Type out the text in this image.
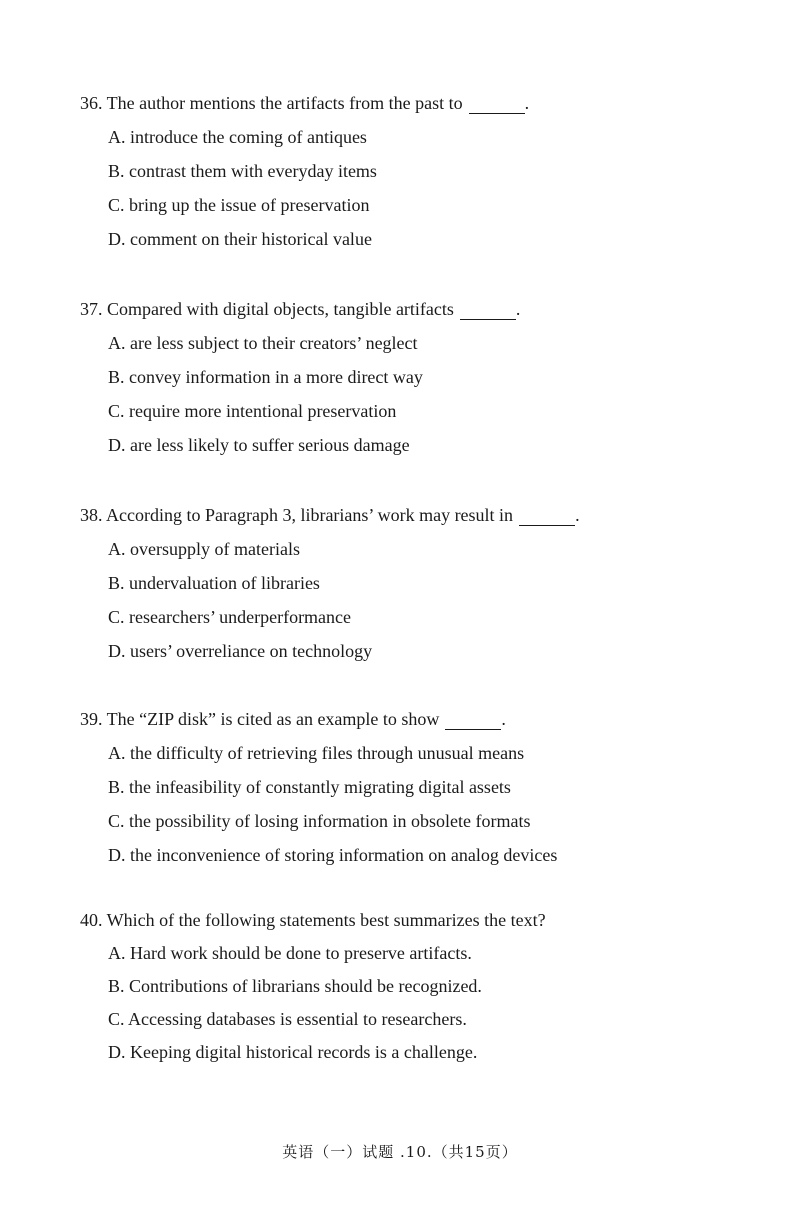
36. The author mentions the artifacts from the past to	.
A. introduce the coming of antiques
B. contrast them with everyday items
C. bring up the issue of preservation
D. comment on their historical value
37. Compared with digital objects, tangible artifacts	.
A. are less subject to their creators’ neglect
B. convey information in a more direct way
C. require more intentional preservation
D. are less likely to suffer serious damage
38. According to Paragraph 3, librarians’ work may result in	.
A. oversupply of materials
B. undervaluation of libraries
C. researchers’ underperformance
D. users’ overreliance on technology
39. The “ZIP disk” is cited as an example to show	.
A. the difficulty of retrieving files through unusual means
B. the infeasibility of constantly migrating digital assets
C. the possibility of losing information in obsolete formats
D. the inconvenience of storing information on analog devices
40. Which of the following statements best summarizes the text?
A. Hard work should be done to preserve artifacts.
B. Contributions of librarians should be recognized.
C. Accessing databases is essential to researchers.
D. Keeping digital historical records is a challenge.
英语（一）试题 .10.（共15页）
